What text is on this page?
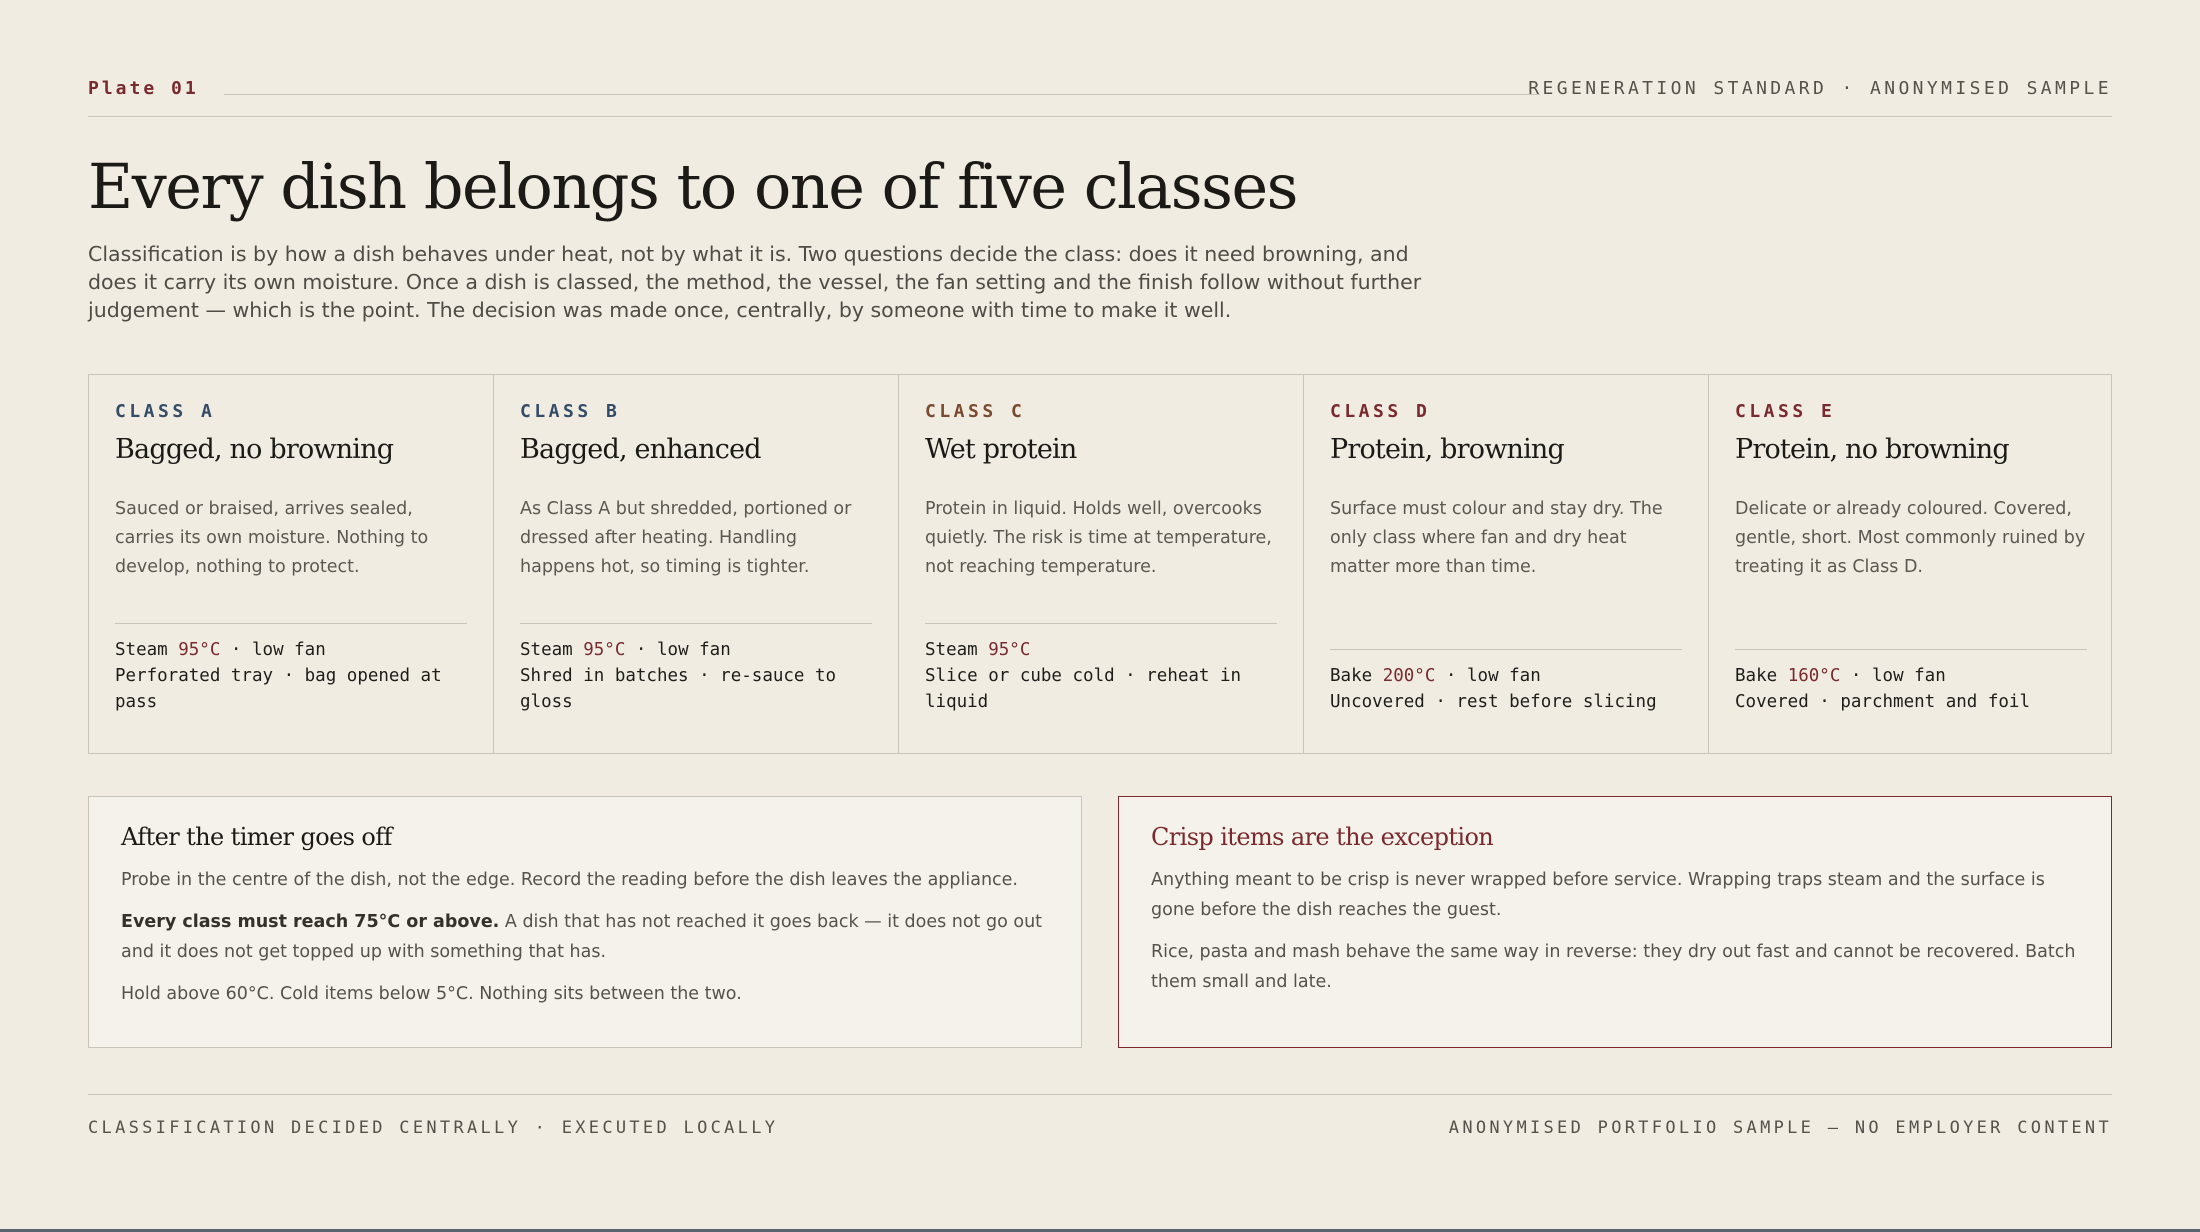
Plate 01	REGENERATION STANDARD · ANONYMISED SAMPLE
Every dish belongs to one of five classes

Classification is by how a dish behaves under heat, not by what it is. Two questions decide the class: does it need browning, and does it carry its own moisture. Once a dish is classed, the method, the vessel, the fan setting and the finish follow without further judgement — which is the point. The decision was made once, centrally, by someone with time to make it well.

CLASS A
Bagged, no browning
Sauced or braised, arrives sealed, carries its own moisture. Nothing to develop, nothing to protect.
Steam 95°C · low fan
Perforated tray · bag opened at pass
CLASS B
Bagged, enhanced
As Class A but shredded, portioned or dressed after heating. Handling happens hot, so timing is tighter.
Steam 95°C · low fan
Shred in batches · re-sauce to gloss
CLASS C
Wet protein
Protein in liquid. Holds well, overcooks quietly. The risk is time at temperature, not reaching temperature.
Steam 95°C
Slice or cube cold · reheat in liquid
CLASS D
Protein, browning
Surface must colour and stay dry. The only class where fan and dry heat matter more than time.
Bake 200°C · low fan
Uncovered · rest before slicing
CLASS E
Protein, no browning
Delicate or already coloured. Covered, gentle, short. Most commonly ruined by treating it as Class D.
Bake 160°C · low fan
Covered · parchment and foil
After the timer goes off

Probe in the centre of the dish, not the edge. Record the reading before the dish leaves the appliance.

Every class must reach 75°C or above. A dish that has not reached it goes back — it does not go out and it does not get topped up with something that has.

Hold above 60°C. Cold items below 5°C. Nothing sits between the two.

Crisp items are the exception

Anything meant to be crisp is never wrapped before service. Wrapping traps steam and the surface is gone before the dish reaches the guest.

Rice, pasta and mash behave the same way in reverse: they dry out fast and cannot be recovered. Batch them small and late.

CLASSIFICATION DECIDED CENTRALLY · EXECUTED LOCALLY	ANONYMISED PORTFOLIO SAMPLE — NO EMPLOYER CONTENT
